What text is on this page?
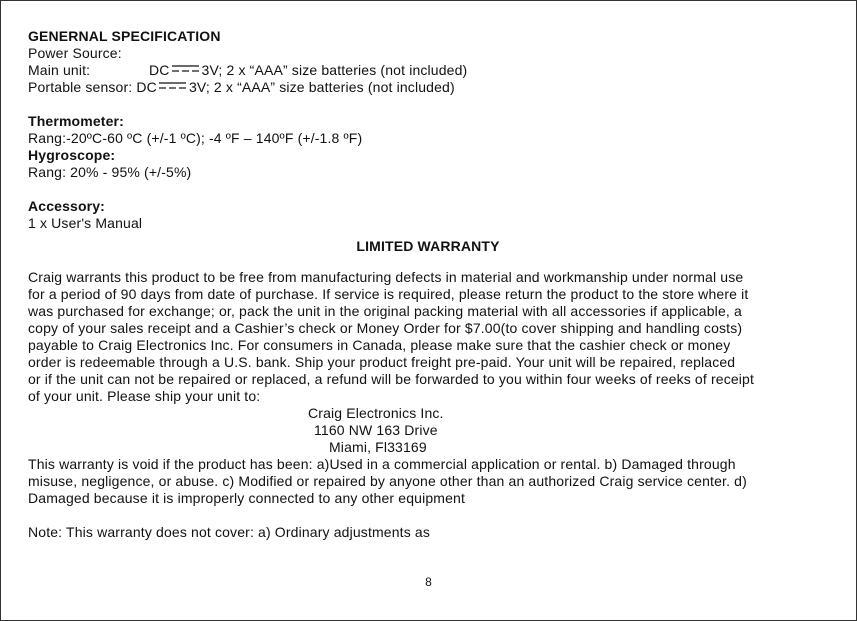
GENERNAL SPECIFICATION
Power Source:
Main unit:	DC 3V; 2 x “AAA” size batteries (not included)
Portable sensor: DC 3V; 2 x “AAA” size batteries (not included)
Thermometer:
Rang:-20ºC-60 ºC (+/-1 ºC); -4 ºF – 140ºF (+/-1.8 ºF)
Hygroscope:
Rang: 20% - 95% (+/-5%)
Accessory:
1 x User's Manual
LIMITED WARRANTY
Craig warrants this product to be free from manufacturing defects in material and workmanship under normal use
for a period of 90 days from date of purchase. If service is required, please return the product to the store where it
was purchased for exchange; or, pack the unit in the original packing material with all accessories if applicable, a
copy of your sales receipt and a Cashier’s check or Money Order for $7.00(to cover shipping and handling costs)
payable to Craig Electronics Inc. For consumers in Canada, please make sure that the cashier check or money
order is redeemable through a U.S. bank. Ship your product freight pre-paid. Your unit will be repaired, replaced
or if the unit can not be repaired or replaced, a refund will be forwarded to you within four weeks of reeks of receipt
of your unit. Please ship your unit to:
Craig Electronics Inc.
1160 NW 163 Drive
Miami, Fl33169
This warranty is void if the product has been: a)Used in a commercial application or rental. b) Damaged through
misuse, negligence, or abuse. c) Modified or repaired by anyone other than an authorized Craig service center. d)
Damaged because it is improperly connected to any other equipment
Note: This warranty does not cover: a) Ordinary adjustments as
8
